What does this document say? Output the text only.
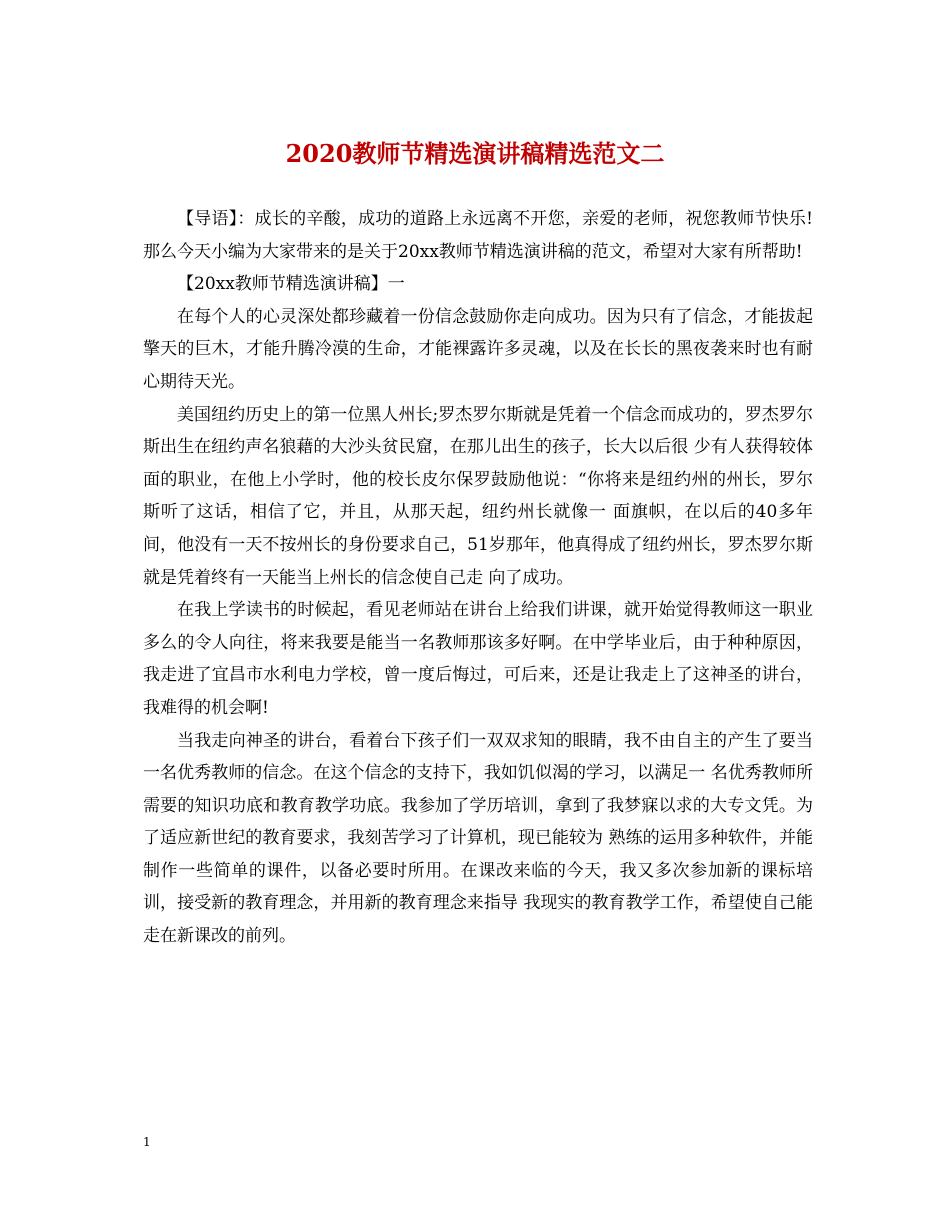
2020教师节精选演讲稿精选范文二

【导语】：成长的辛酸，成功的道路上永远离不开您，亲爱的老师，祝您教师节快乐!那么今天小编为大家带来的是关于20xx教师节精选演讲稿的范文，希望对大家有所帮助!

【20xx教师节精选演讲稿】一

在每个人的心灵深处都珍藏着一份信念鼓励你走向成功。因为只有了信念，才能拔起擎天的巨木，才能升腾冷漠的生命，才能裸露许多灵魂，以及在长长的黑夜袭来时也有耐心期待天光。

美国纽约历史上的第一位黑人州长;罗杰罗尔斯就是凭着一个信念而成功的，罗杰罗尔斯出生在纽约声名狼藉的大沙头贫民窟，在那儿出生的孩子，长大以后很 少有人获得较体面的职业，在他上小学时，他的校长皮尔保罗鼓励他说：“你将来是纽约州的州长，罗尔斯听了这话，相信了它，并且，从那天起，纽约州长就像一 面旗帜，在以后的40多年间，他没有一天不按州长的身份要求自己，51岁那年，他真得成了纽约州长，罗杰罗尔斯就是凭着终有一天能当上州长的信念使自己走 向了成功。

在我上学读书的时候起，看见老师站在讲台上给我们讲课，就开始觉得教师这一职业多么的令人向往，将来我要是能当一名教师那该多好啊。在中学毕业后，由于种种原因，我走进了宜昌市水利电力学校，曾一度后悔过，可后来，还是让我走上了这神圣的讲台，我难得的机会啊!

当我走向神圣的讲台，看着台下孩子们一双双求知的眼睛，我不由自主的产生了要当一名优秀教师的信念。在这个信念的支持下，我如饥似渴的学习，以满足一 名优秀教师所需要的知识功底和教育教学功底。我参加了学历培训，拿到了我梦寐以求的大专文凭。为了适应新世纪的教育要求，我刻苦学习了计算机，现已能较为 熟练的运用多种软件，并能制作一些简单的课件，以备必要时所用。在课改来临的今天，我又多次参加新的课标培训，接受新的教育理念，并用新的教育理念来指导 我现实的教育教学工作，希望使自己能走在新课改的前列。

1
